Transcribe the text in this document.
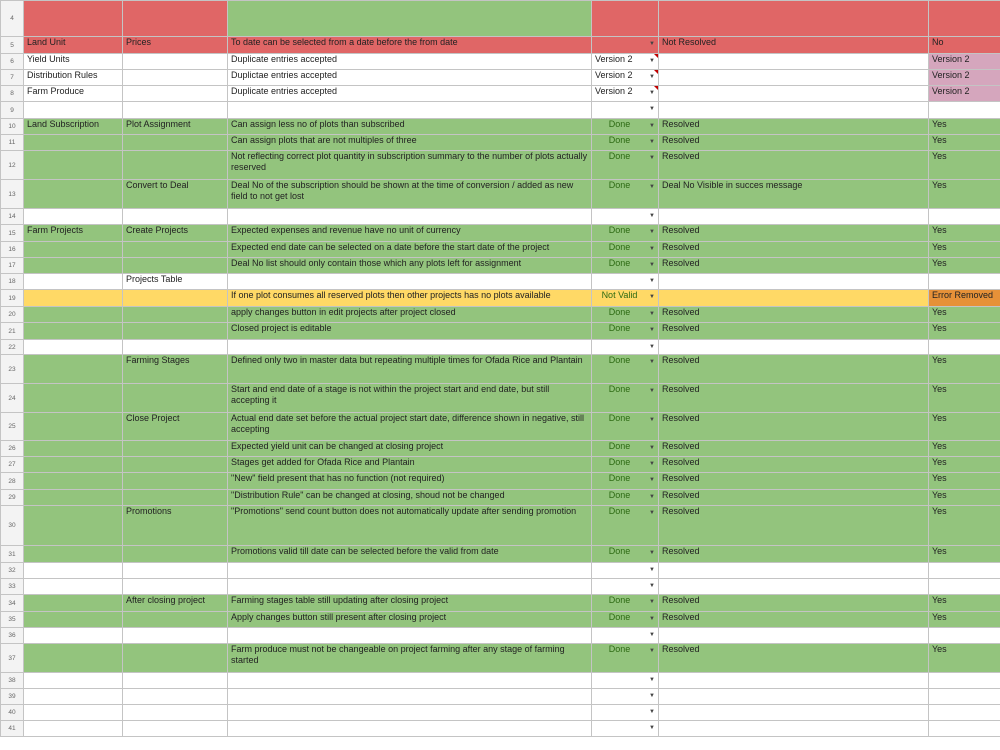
4						
5	Land Unit	Prices	To date can be selected from a date before the from date	▼	Not Resolved	No
6	Yield Units		Duplicate entries accepted	Version 2 ▼		Version 2
7	Distribution Rules		Duplictae entries accepted	Version 2 ▼		Version 2
8	Farm Produce		Duplicate entries accepted	Version 2 ▼		Version 2
9				▼		

10	Land Subscription	Plot Assignment	Can assign less no of plots than subscribed	Done ▼	Resolved	Yes
11			Can assign plots that are not multiples of three	Done ▼	Resolved	Yes
12			Not reflecting correct plot quantity in subscription summary to the number of plots actually reserved	Done ▼	Resolved	Yes
13		Convert to Deal	Deal No of the subscription should be shown at the time of conversion / added as new field to not get lost	Done ▼	Deal No Visible in succes message	Yes
14				▼		

15	Farm Projects	Create Projects	Expected expenses and revenue have no unit of currency	Done ▼	Resolved	Yes
16			Expected end date can be selected on a date before the start date of the project	Done ▼	Resolved	Yes
17			Deal No list should only contain those which any plots left for assignment	Done ▼	Resolved	Yes
18		Projects Table		▼		

19			If one plot consumes all reserved plots then other projects has no plots available	Not Valid ▼		Error Removed
20			apply changes button in edit projects after project closed	Done ▼	Resolved	Yes
21			Closed project is editable	Done ▼	Resolved	Yes
22				▼		

23		Farming Stages	Defined only two in master data but repeating multiple times for Ofada Rice and Plantain	Done ▼	Resolved	Yes
24			Start and end date of a stage is not within the project start and end date, but still accepting it	Done ▼	Resolved	Yes
25		Close Project	Actual end date set before the actual project start date, difference shown in negative, still accepting	Done ▼	Resolved	Yes
26			Expected yield unit can be changed at closing project	Done ▼	Resolved	Yes
27			Stages get added for Ofada Rice and Plantain	Done ▼	Resolved	Yes
28			"New" field present that has no function (not required)	Done ▼	Resolved	Yes
29			"Distribution Rule" can be changed at closing, shoud not be changed	Done ▼	Resolved	Yes
30		Promotions	"Promotions" send count button does not automatically update after sending promotion	Done ▼	Resolved	Yes
31			Promotions valid till date can be selected before the valid from date	Done ▼	Resolved	Yes
32				▼		

33				▼		

34		After closing project	Farming stages table still updating after closing project	Done ▼	Resolved	Yes
35			Apply changes button still present after closing project	Done ▼	Resolved	Yes
36				▼		

37			Farm produce must not be changeable on project farming after any stage of farming started	Done ▼	Resolved	Yes
38				▼		

39				▼		

40				▼		

41				▼		
